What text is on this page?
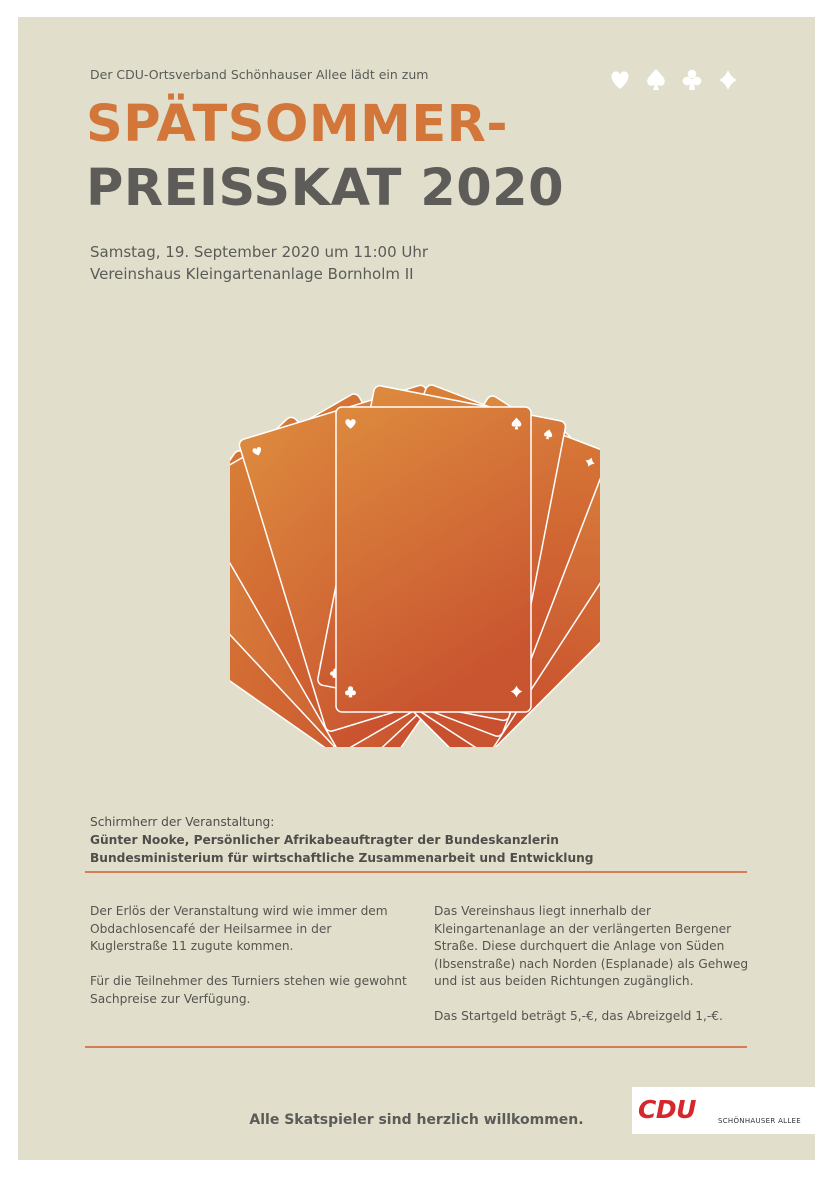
Der CDU-Ortsverband Schönhauser Allee lädt ein zum
SPÄTSOMMER-
PREISSKAT 2020
Samstag, 19. September 2020 um 11:00 Uhr
Vereinshaus Kleingartenanlage Bornholm II
Schirmherr der Veranstaltung:
Günter Nooke, Persönlicher Afrikabeauftragter der Bundeskanzlerin
Bundesministerium für wirtschaftliche Zusammenarbeit und Entwicklung

Der Erlös der Veranstaltung wird wie immer dem Obdachlosencafé der Heilsarmee in der Kuglerstraße 11 zugute kommen.

Für die Teilnehmer des Turniers stehen wie gewohnt Sachpreise zur Verfügung.

Das Vereinshaus liegt innerhalb der Kleingartenanlage an der verlängerten Bergener Straße. Diese durchquert die Anlage von Süden (Ibsenstraße) nach Norden (Esplanade) als Gehweg und ist aus beiden Richtungen zugänglich.

Das Startgeld beträgt 5,-€, das Abreizgeld 1,-€.

Alle Skatspieler sind herzlich willkommen.	CDU	SCHÖNHAUSER ALLEE
